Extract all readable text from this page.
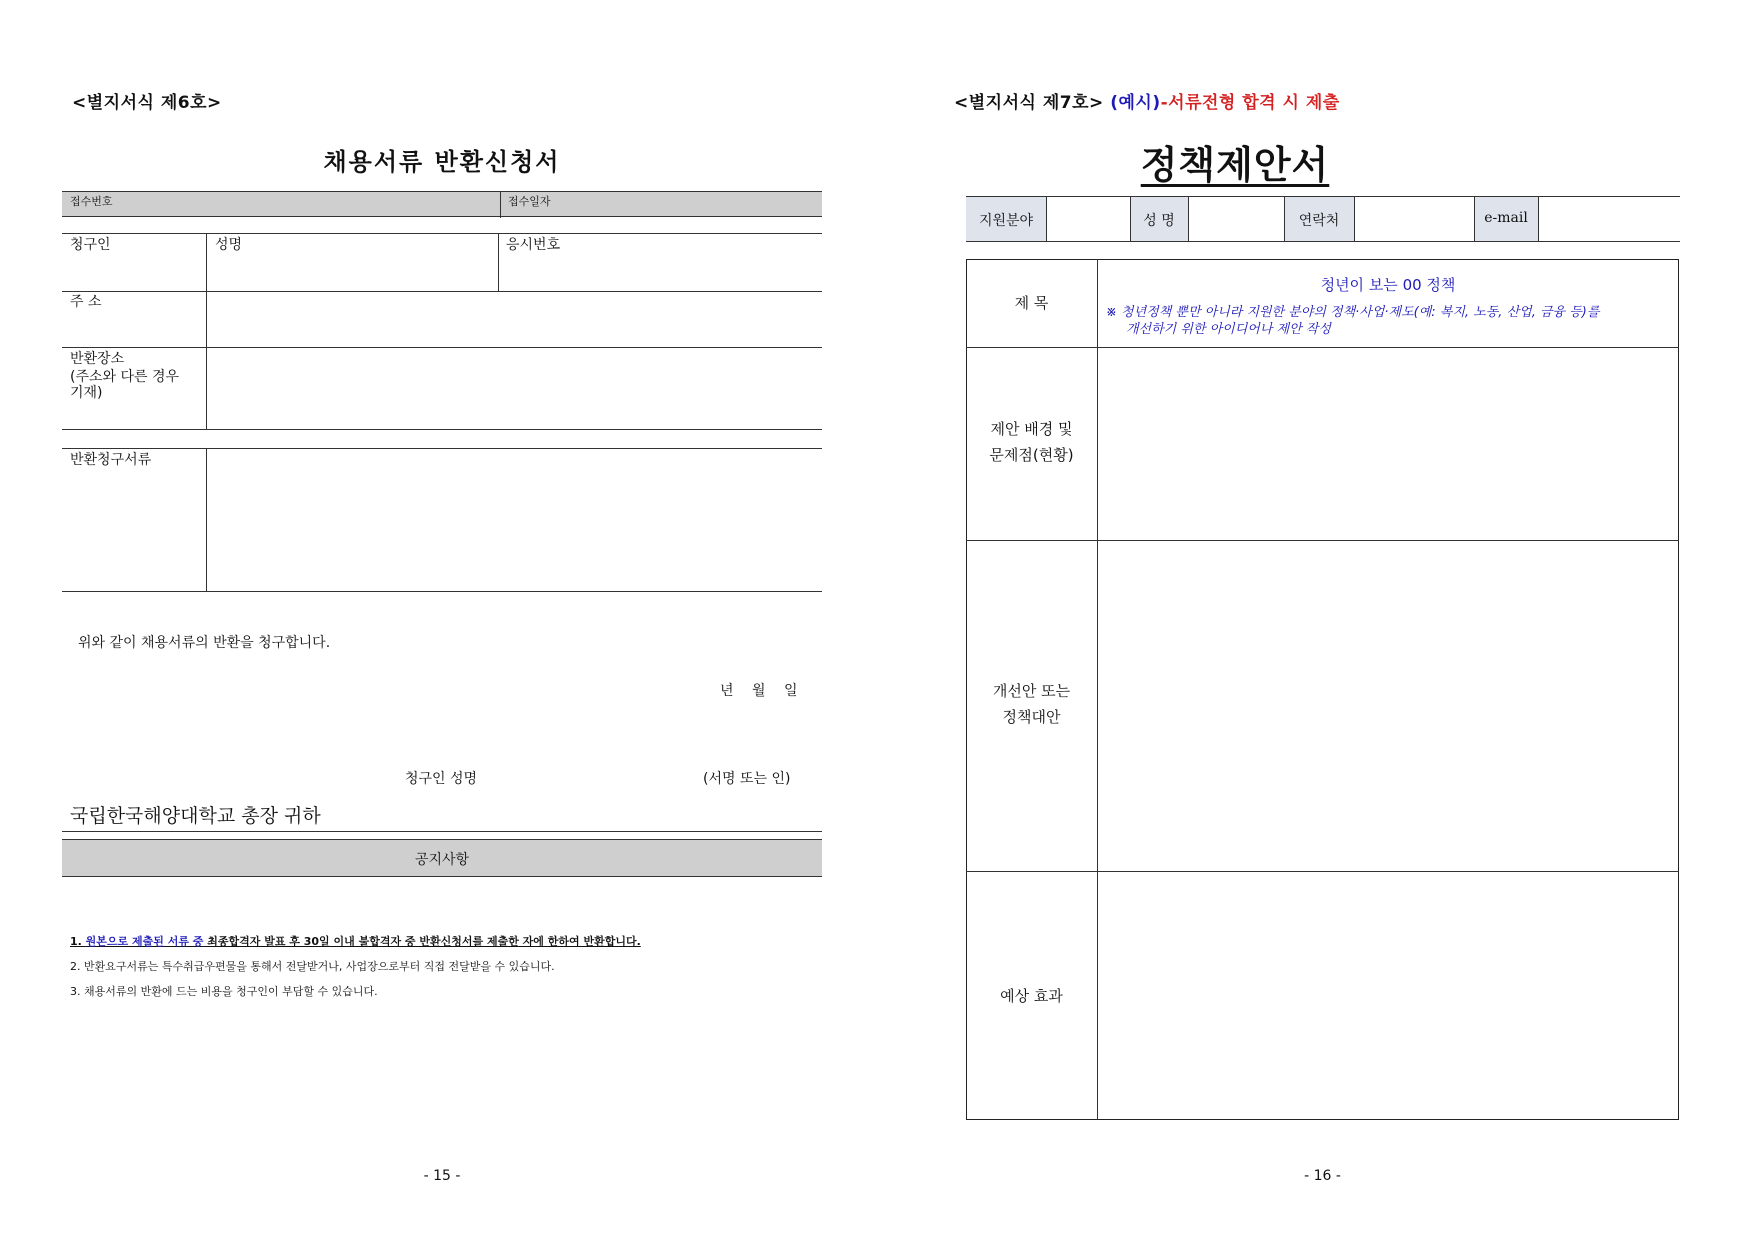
<별지서식 제6호>
채용서류 반환신청서
접수번호	접수일자
청구인	성명	응시번호
주 소
반환장소
(주소와 다른 경우
기재)
반환청구서류
위와 같이 채용서류의 반환을 청구합니다.
년 월 일
청구인 성명	(서명 또는 인)
국립한국해양대학교 총장 귀하
공지사항
1. 원본으로 제출된 서류 중 최종합격자 발표 후 30일 이내 불합격자 중 반환신청서를 제출한 자에 한하여 반환합니다.
2. 반환요구서류는 특수취급우편물을 통해서 전달받거나, 사업장으로부터 직접 전달받을 수 있습니다.
3. 채용서류의 반환에 드는 비용을 청구인이 부담할 수 있습니다.
- 15 -
<별지서식 제7호> (예시)-서류전형 합격 시 제출
정책제안서
지원분야	성 명	연락처	e-mail
제 목
청년이 보는 00 정책
※ 청년정책 뿐만 아니라 지원한 분야의 정책·사업·제도(예: 복지, 노동, 산업, 금융 등)를
개선하기 위한 아이디어나 제안 작성
제안 배경 및
문제점(현황)
개선안 또는
정책대안
예상 효과
- 16 -
